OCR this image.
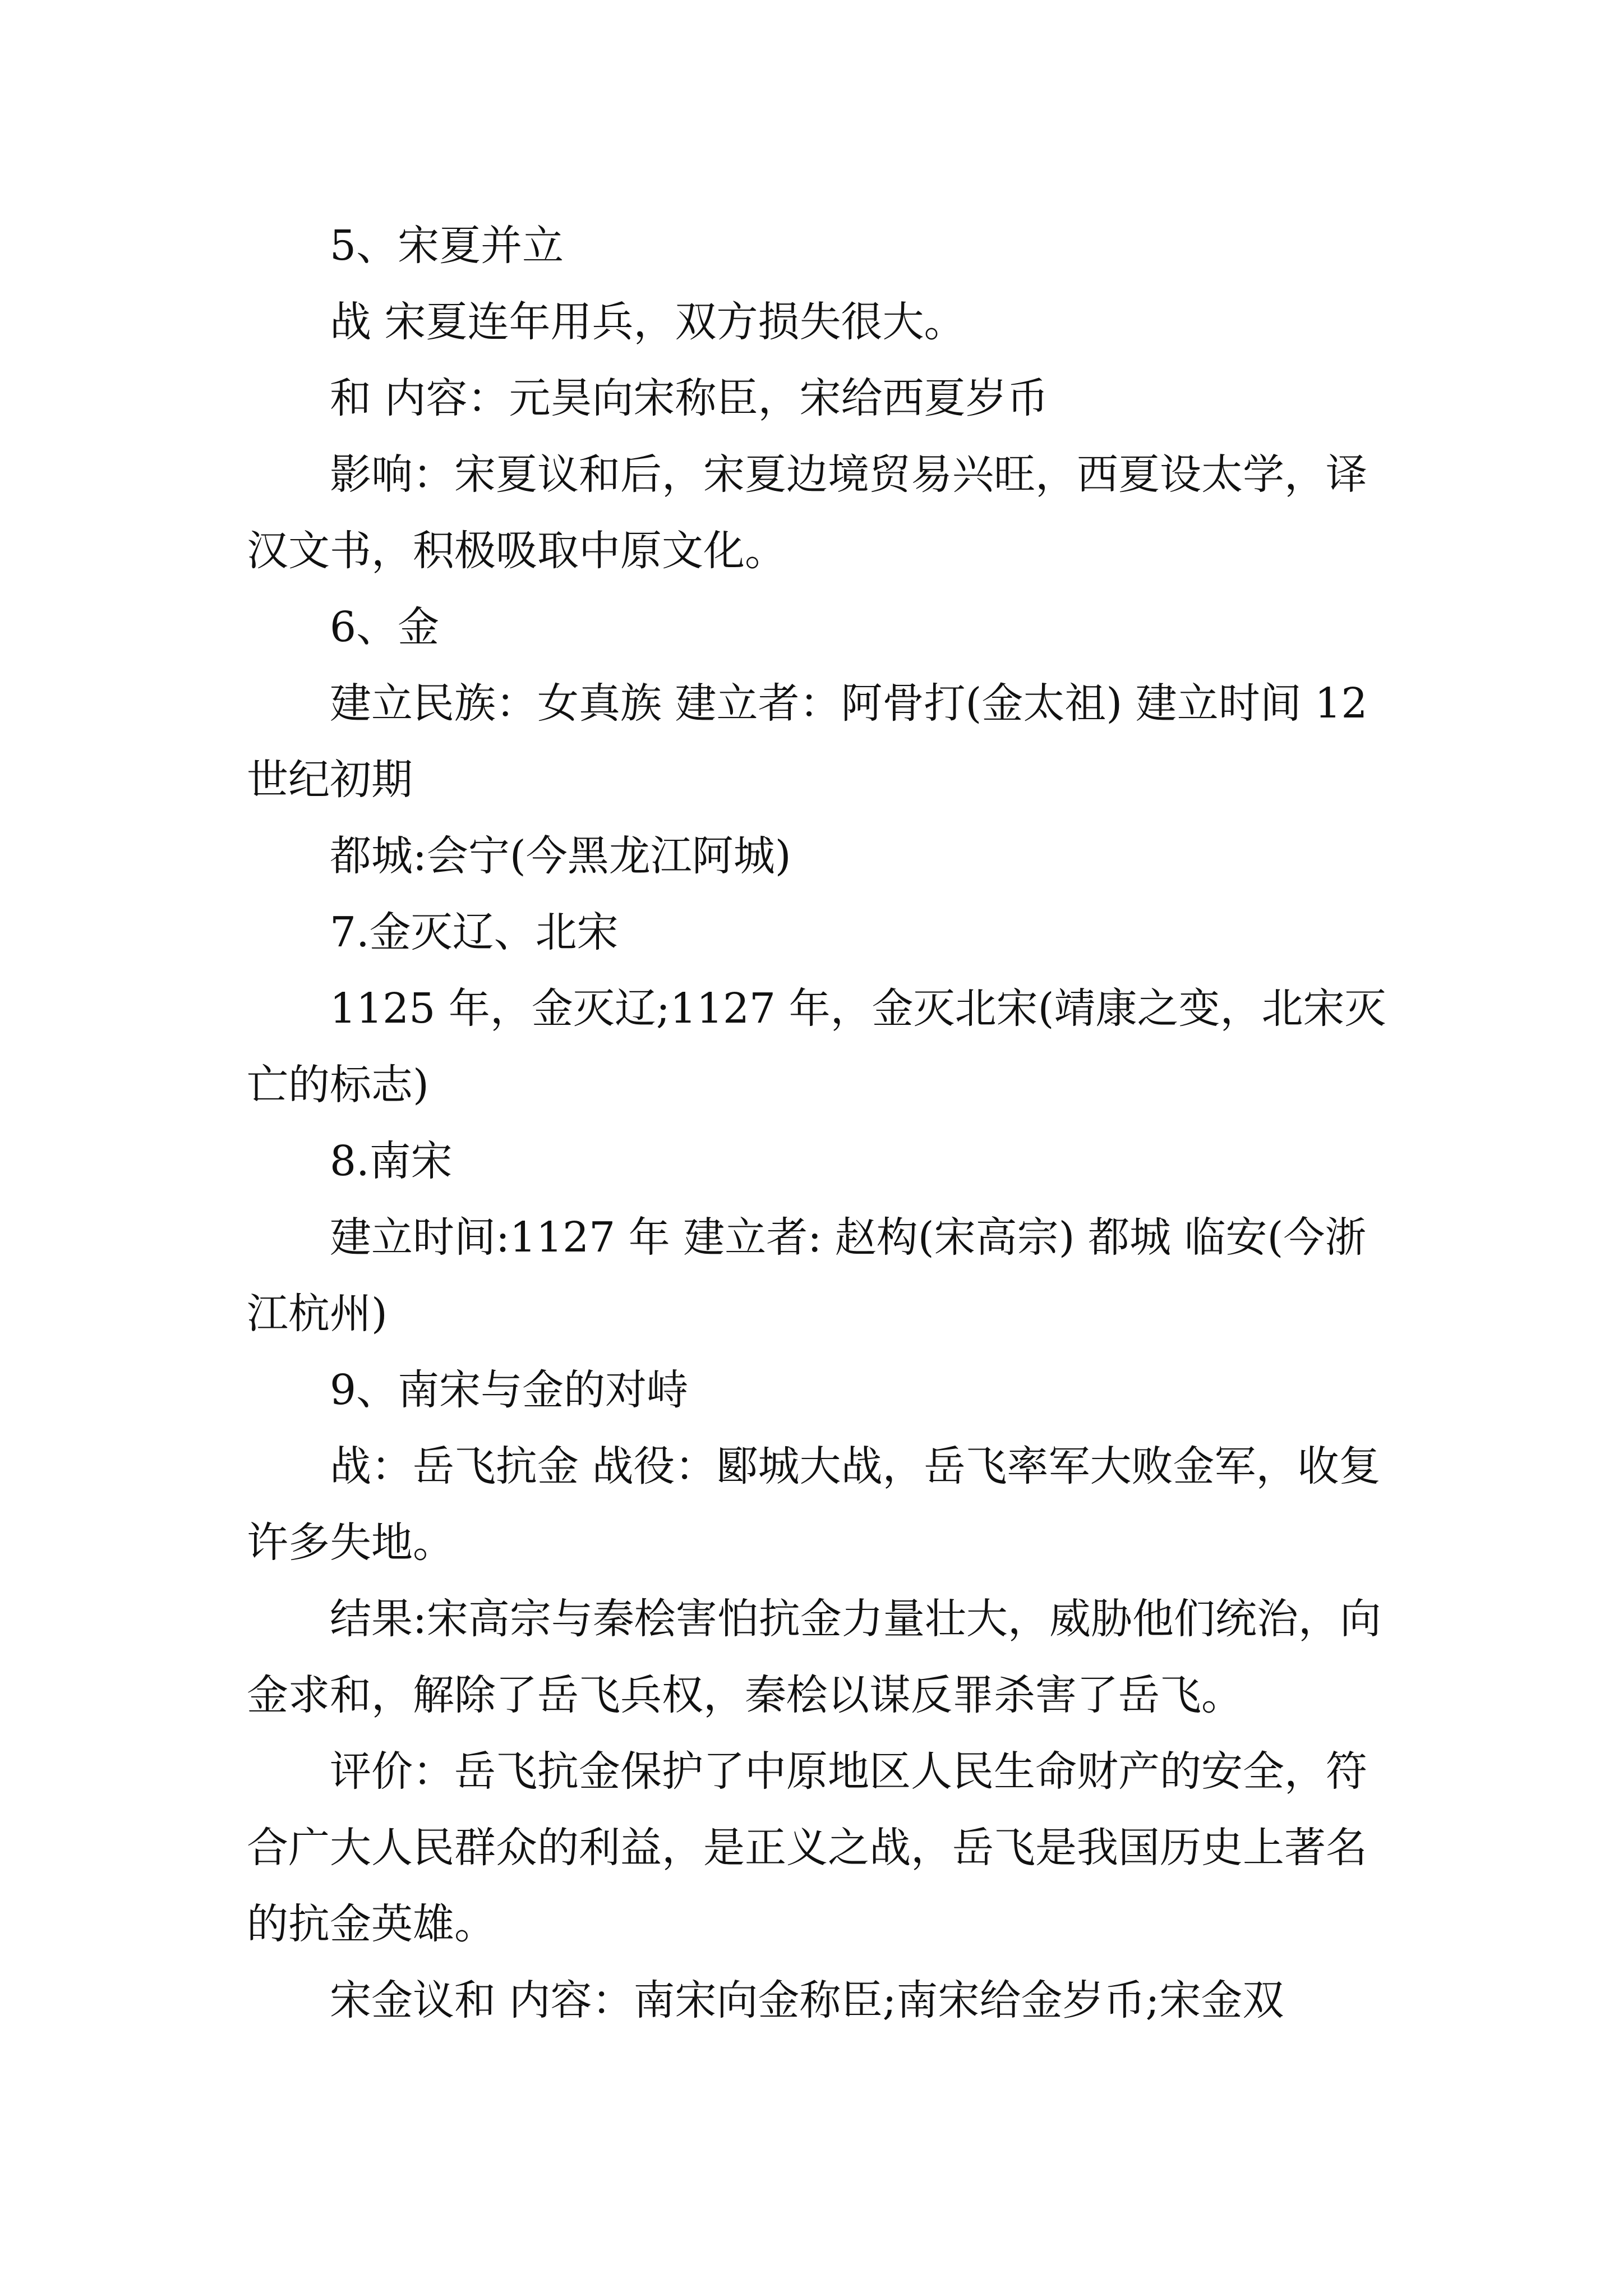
5、宋夏并立

战 宋夏连年用兵，双方损失很大。

和 内容：元昊向宋称臣，宋给西夏岁币

影响：宋夏议和后，宋夏边境贸易兴旺，西夏设太学，译汉文书，积极吸取中原文化。

6、金

建立民族：女真族 建立者：阿骨打(金太祖) 建立时间 12 世纪初期

都城:会宁(今黑龙江阿城)

7.金灭辽、北宋

1125 年，金灭辽;1127 年，金灭北宋(靖康之变，北宋灭亡的标志)

8.南宋

建立时间:1127 年 建立者: 赵构(宋高宗) 都城 临安(今浙江杭州)

9、南宋与金的对峙

战：岳飞抗金 战役：郾城大战，岳飞率军大败金军，收复许多失地。

结果:宋高宗与秦桧害怕抗金力量壮大，威胁他们统治，向金求和，解除了岳飞兵权，秦桧以谋反罪杀害了岳飞。

评价：岳飞抗金保护了中原地区人民生命财产的安全，符合广大人民群众的利益，是正义之战，岳飞是我国历史上著名的抗金英雄。

宋金议和 内容：南宋向金称臣;南宋给金岁币;宋金双
